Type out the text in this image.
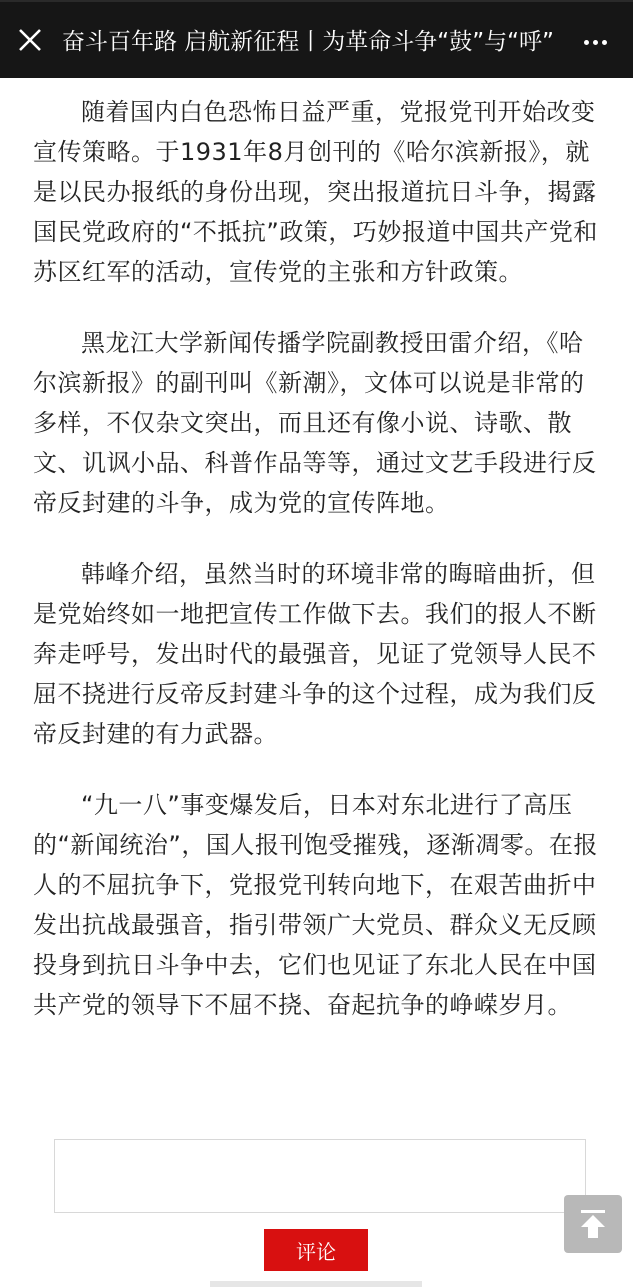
奋斗百年路 启航新征程丨为革命斗争“鼓”与“呼”

随着国内白色恐怖日益严重，党报党刊开始改变宣传策略。于1931年8月创刊的《哈尔滨新报》，就是以民办报纸的身份出现，突出报道抗日斗争，揭露国民党政府的“不抵抗”政策，巧妙报道中国共产党和苏区红军的活动，宣传党的主张和方针政策。

黑龙江大学新闻传播学院副教授田雷介绍，《哈尔滨新报》的副刊叫《新潮》，文体可以说是非常的多样，不仅杂文突出，而且还有像小说、诗歌、散文、讥讽小品、科普作品等等，通过文艺手段进行反帝反封建的斗争，成为党的宣传阵地。

韩峰介绍，虽然当时的环境非常的晦暗曲折，但是党始终如一地把宣传工作做下去。我们的报人不断奔走呼号，发出时代的最强音，见证了党领导人民不屈不挠进行反帝反封建斗争的这个过程，成为我们反帝反封建的有力武器。

“九一八”事变爆发后，日本对东北进行了高压的“新闻统治”，国人报刊饱受摧残，逐渐凋零。在报人的不屈抗争下，党报党刊转向地下，在艰苦曲折中发出抗战最强音，指引带领广大党员、群众义无反顾投身到抗日斗争中去，它们也见证了东北人民在中国共产党的领导下不屈不挠、奋起抗争的峥嵘岁月。

评论
